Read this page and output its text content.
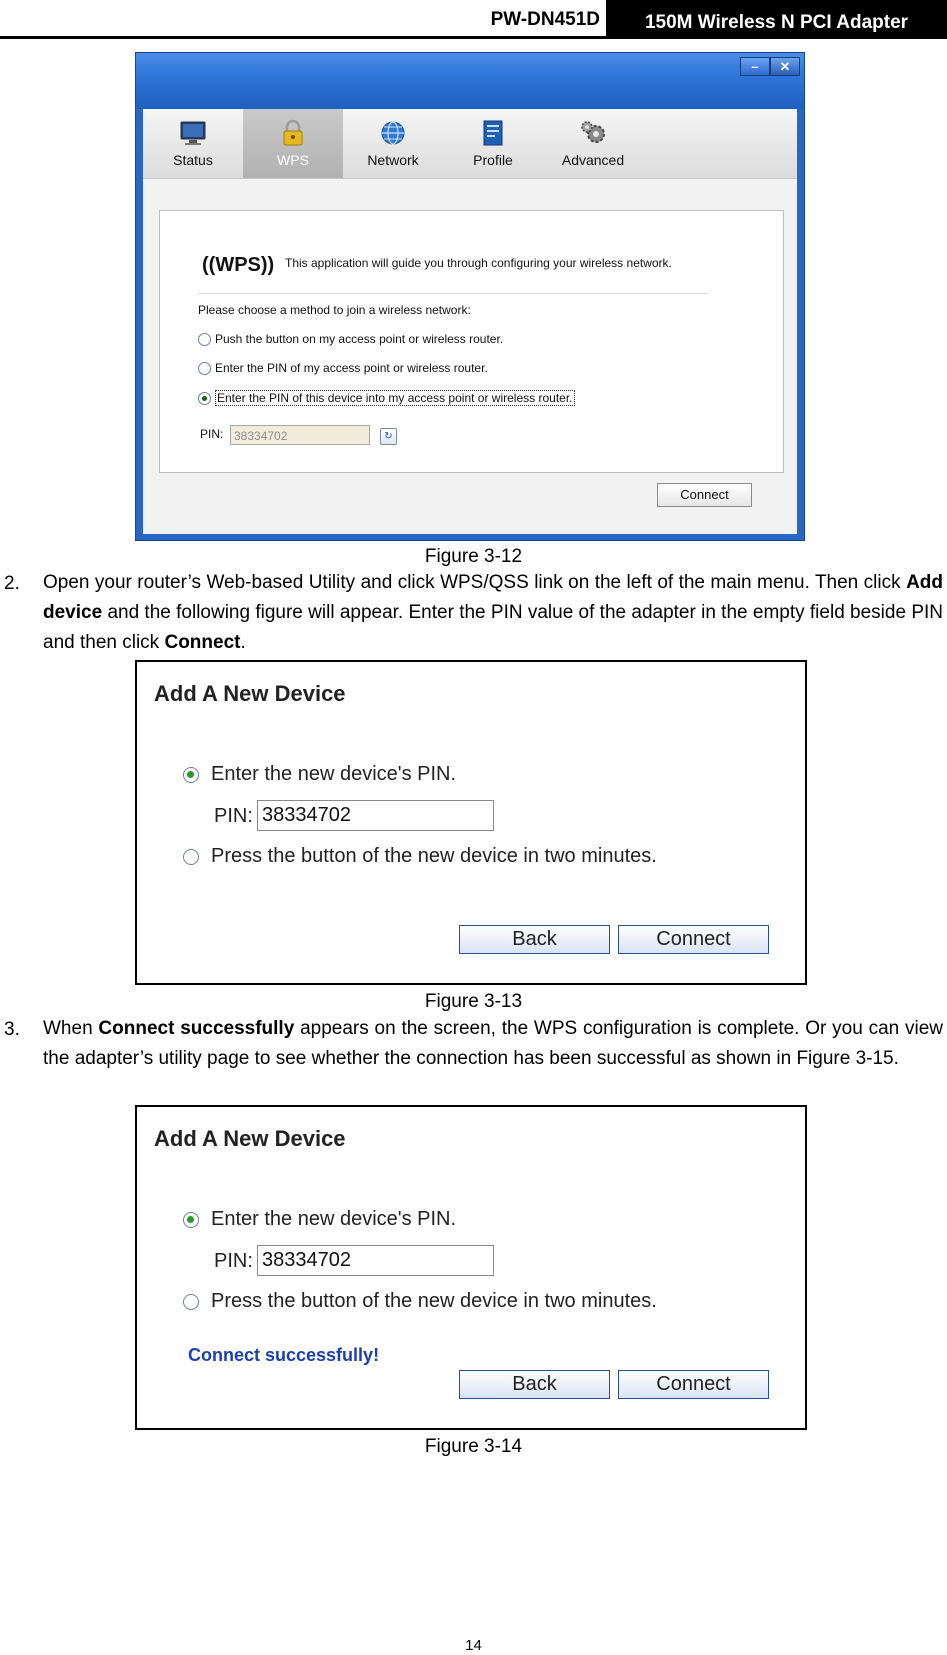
PW-DN451D	150M Wireless N PCI Adapter
–	✕
Status	WPS	Network	Profile	Advanced
((WPS)) This application will guide you through configuring your wireless network.
Please choose a method to join a wireless network:
Push the button on my access point or wireless router.
Enter the PIN of my access point or wireless router.
Enter the PIN of this device into my access point or wireless router.
PIN: 38334702	↻
Connect
Figure 3-12
2. Open your router’s Web-based Utility and click WPS/QSS link on the left of the main menu. Then click Add device and the following figure will appear. Enter the PIN value of the adapter in the empty field beside PIN and then click Connect.
Add A New Device
Enter the new device's PIN.
PIN: 38334702
Press the button of the new device in two minutes.
Back	Connect
Figure 3-13
3. When Connect successfully appears on the screen, the WPS configuration is complete. Or you can view the adapter’s utility page to see whether the connection has been successful as shown in Figure 3-15.
Add A New Device
Enter the new device's PIN.
PIN: 38334702
Press the button of the new device in two minutes.
Connect successfully!
Back	Connect
Figure 3-14
14
